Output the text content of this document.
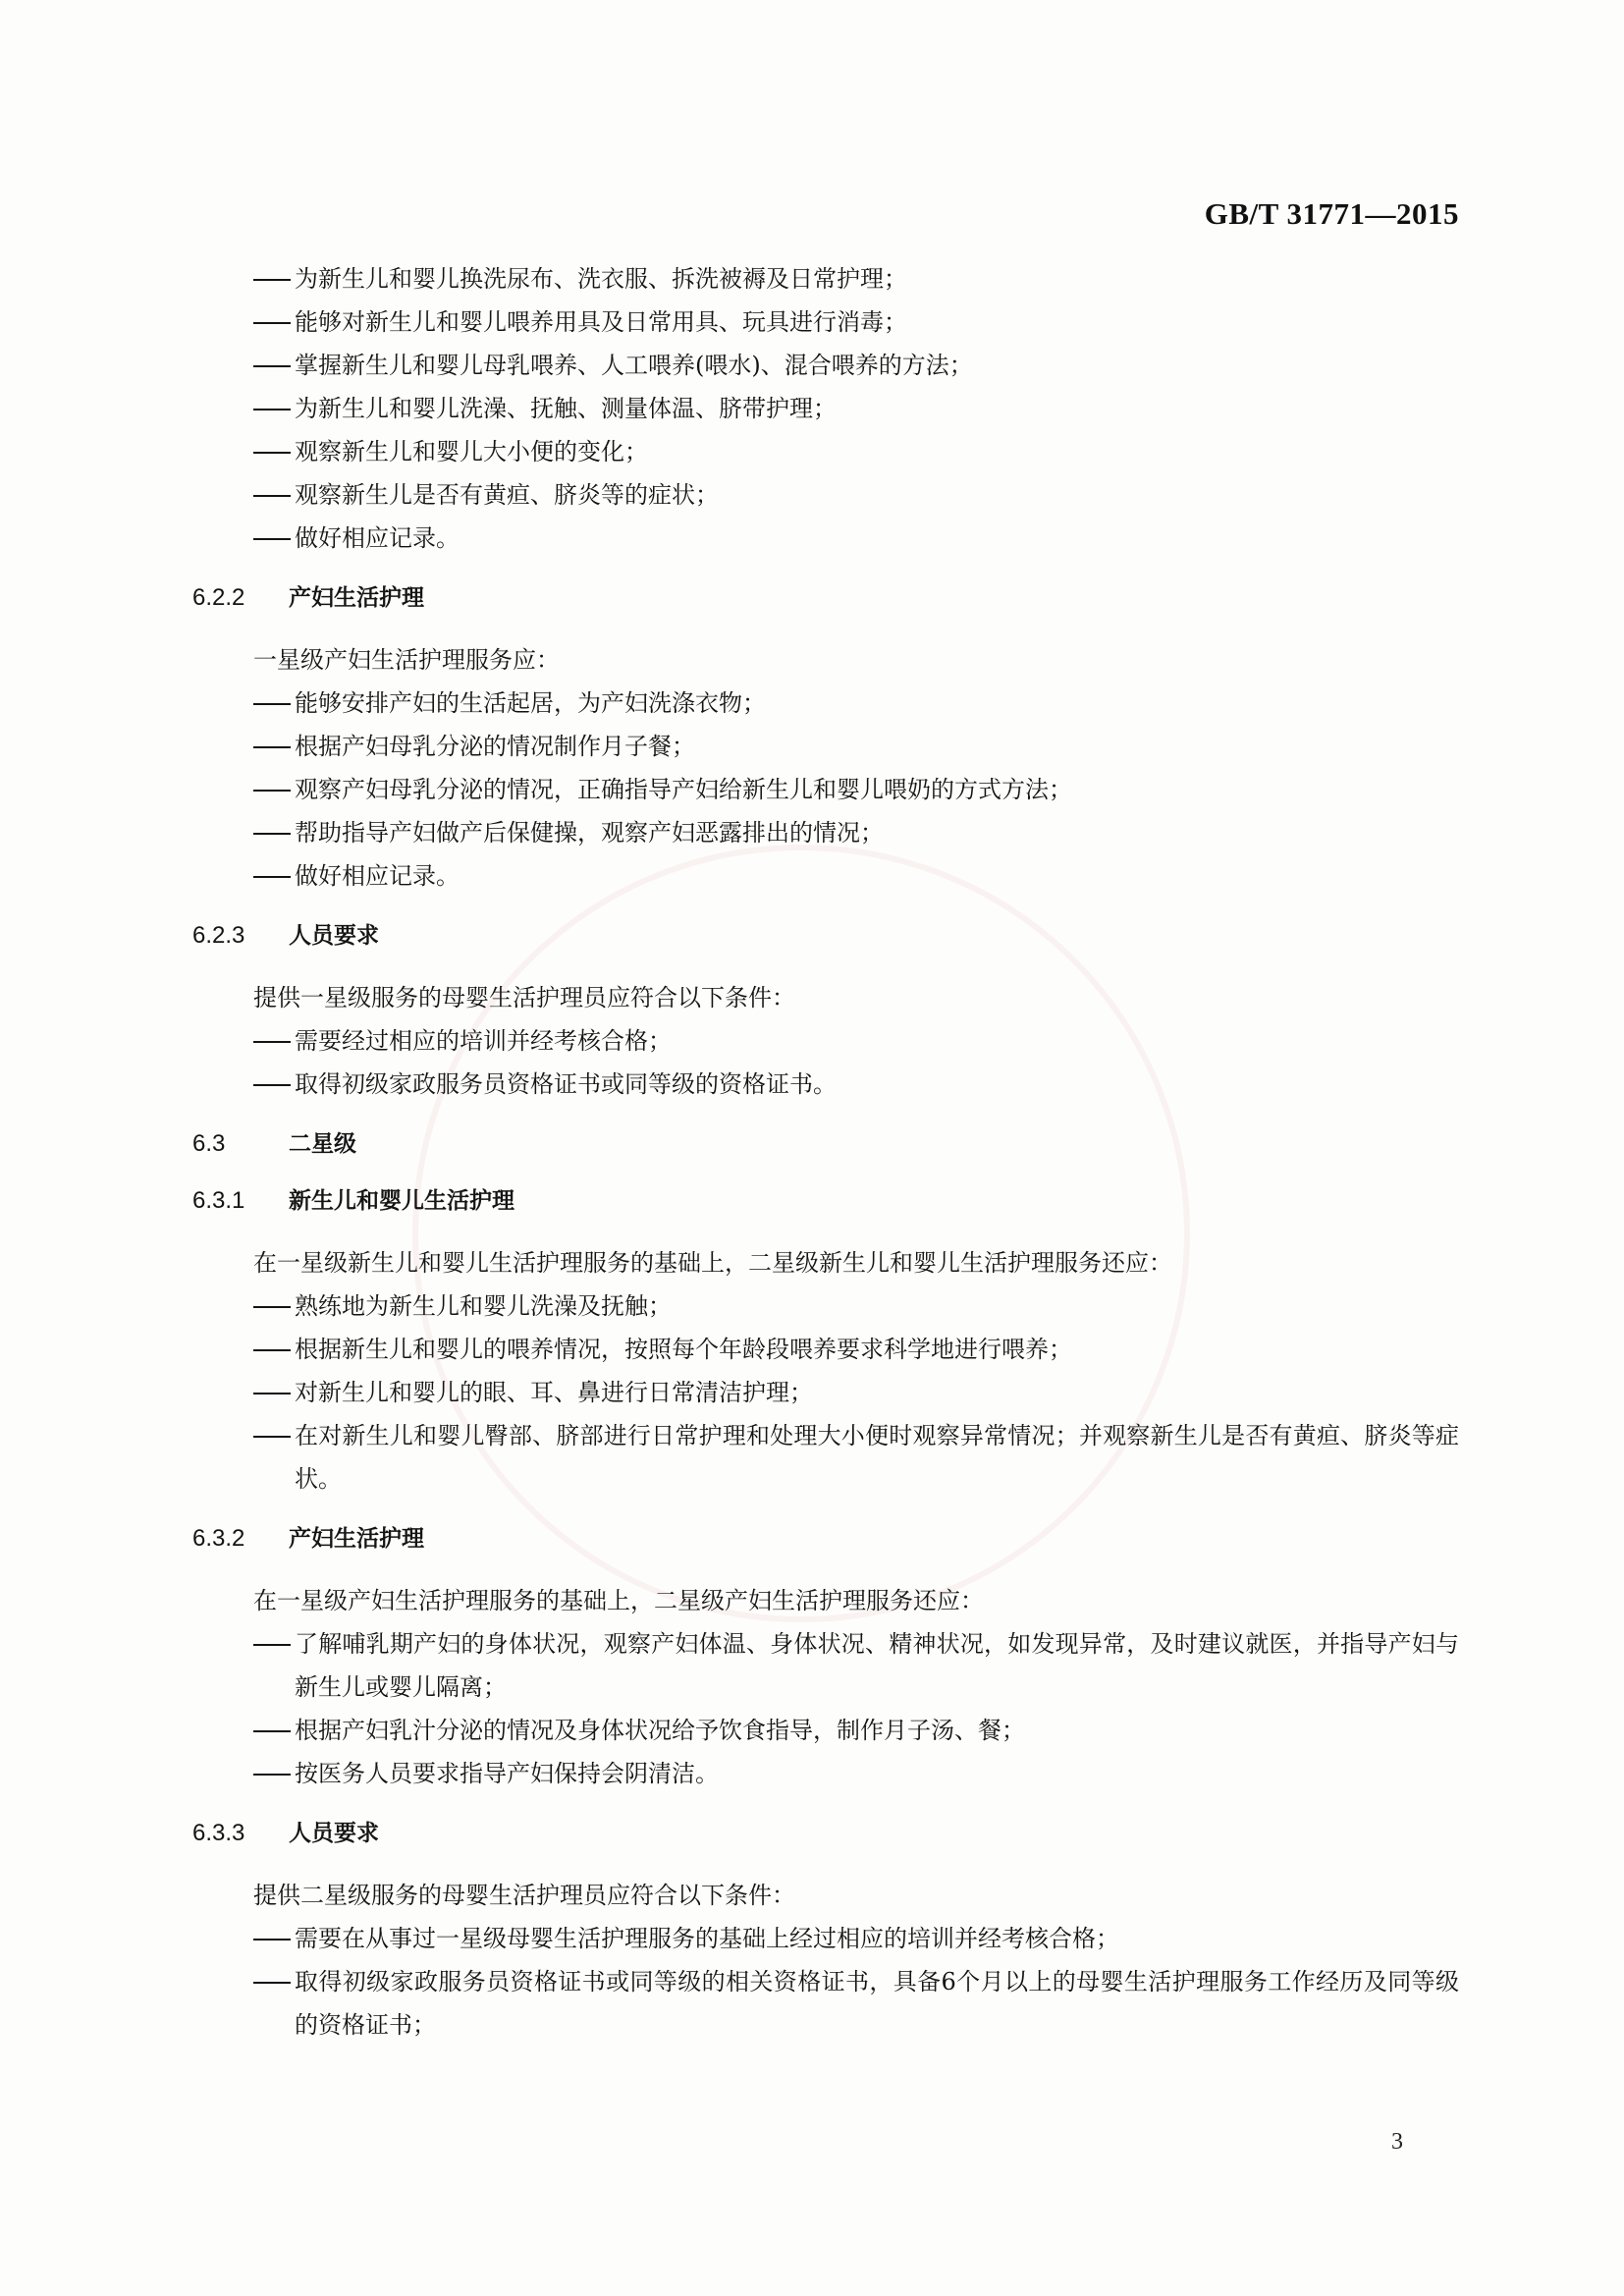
GB/T 31771—2015
为新生儿和婴儿换洗尿布、洗衣服、拆洗被褥及日常护理；
能够对新生儿和婴儿喂养用具及日常用具、玩具进行消毒；
掌握新生儿和婴儿母乳喂养、人工喂养(喂水)、混合喂养的方法；
为新生儿和婴儿洗澡、抚触、测量体温、脐带护理；
观察新生儿和婴儿大小便的变化；
观察新生儿是否有黄疸、脐炎等的症状；
做好相应记录。
6.2.2 产妇生活护理
一星级产妇生活护理服务应：
能够安排产妇的生活起居，为产妇洗涤衣物；
根据产妇母乳分泌的情况制作月子餐；
观察产妇母乳分泌的情况，正确指导产妇给新生儿和婴儿喂奶的方式方法；
帮助指导产妇做产后保健操，观察产妇恶露排出的情况；
做好相应记录。
6.2.3 人员要求
提供一星级服务的母婴生活护理员应符合以下条件：
需要经过相应的培训并经考核合格；
取得初级家政服务员资格证书或同等级的资格证书。
6.3	二星级
6.3.1 新生儿和婴儿生活护理
在一星级新生儿和婴儿生活护理服务的基础上，二星级新生儿和婴儿生活护理服务还应：
熟练地为新生儿和婴儿洗澡及抚触；
根据新生儿和婴儿的喂养情况，按照每个年龄段喂养要求科学地进行喂养；
对新生儿和婴儿的眼、耳、鼻进行日常清洁护理；
在对新生儿和婴儿臀部、脐部进行日常护理和处理大小便时观察异常情况；并观察新生儿是否有黄疸、脐炎等症状。
6.3.2 产妇生活护理
在一星级产妇生活护理服务的基础上，二星级产妇生活护理服务还应：
了解哺乳期产妇的身体状况，观察产妇体温、身体状况、精神状况，如发现异常，及时建议就医，并指导产妇与新生儿或婴儿隔离；
根据产妇乳汁分泌的情况及身体状况给予饮食指导，制作月子汤、餐；
按医务人员要求指导产妇保持会阴清洁。
6.3.3 人员要求
提供二星级服务的母婴生活护理员应符合以下条件：
需要在从事过一星级母婴生活护理服务的基础上经过相应的培训并经考核合格；
取得初级家政服务员资格证书或同等级的相关资格证书，具备6个月以上的母婴生活护理服务工作经历及同等级的资格证书；
3
